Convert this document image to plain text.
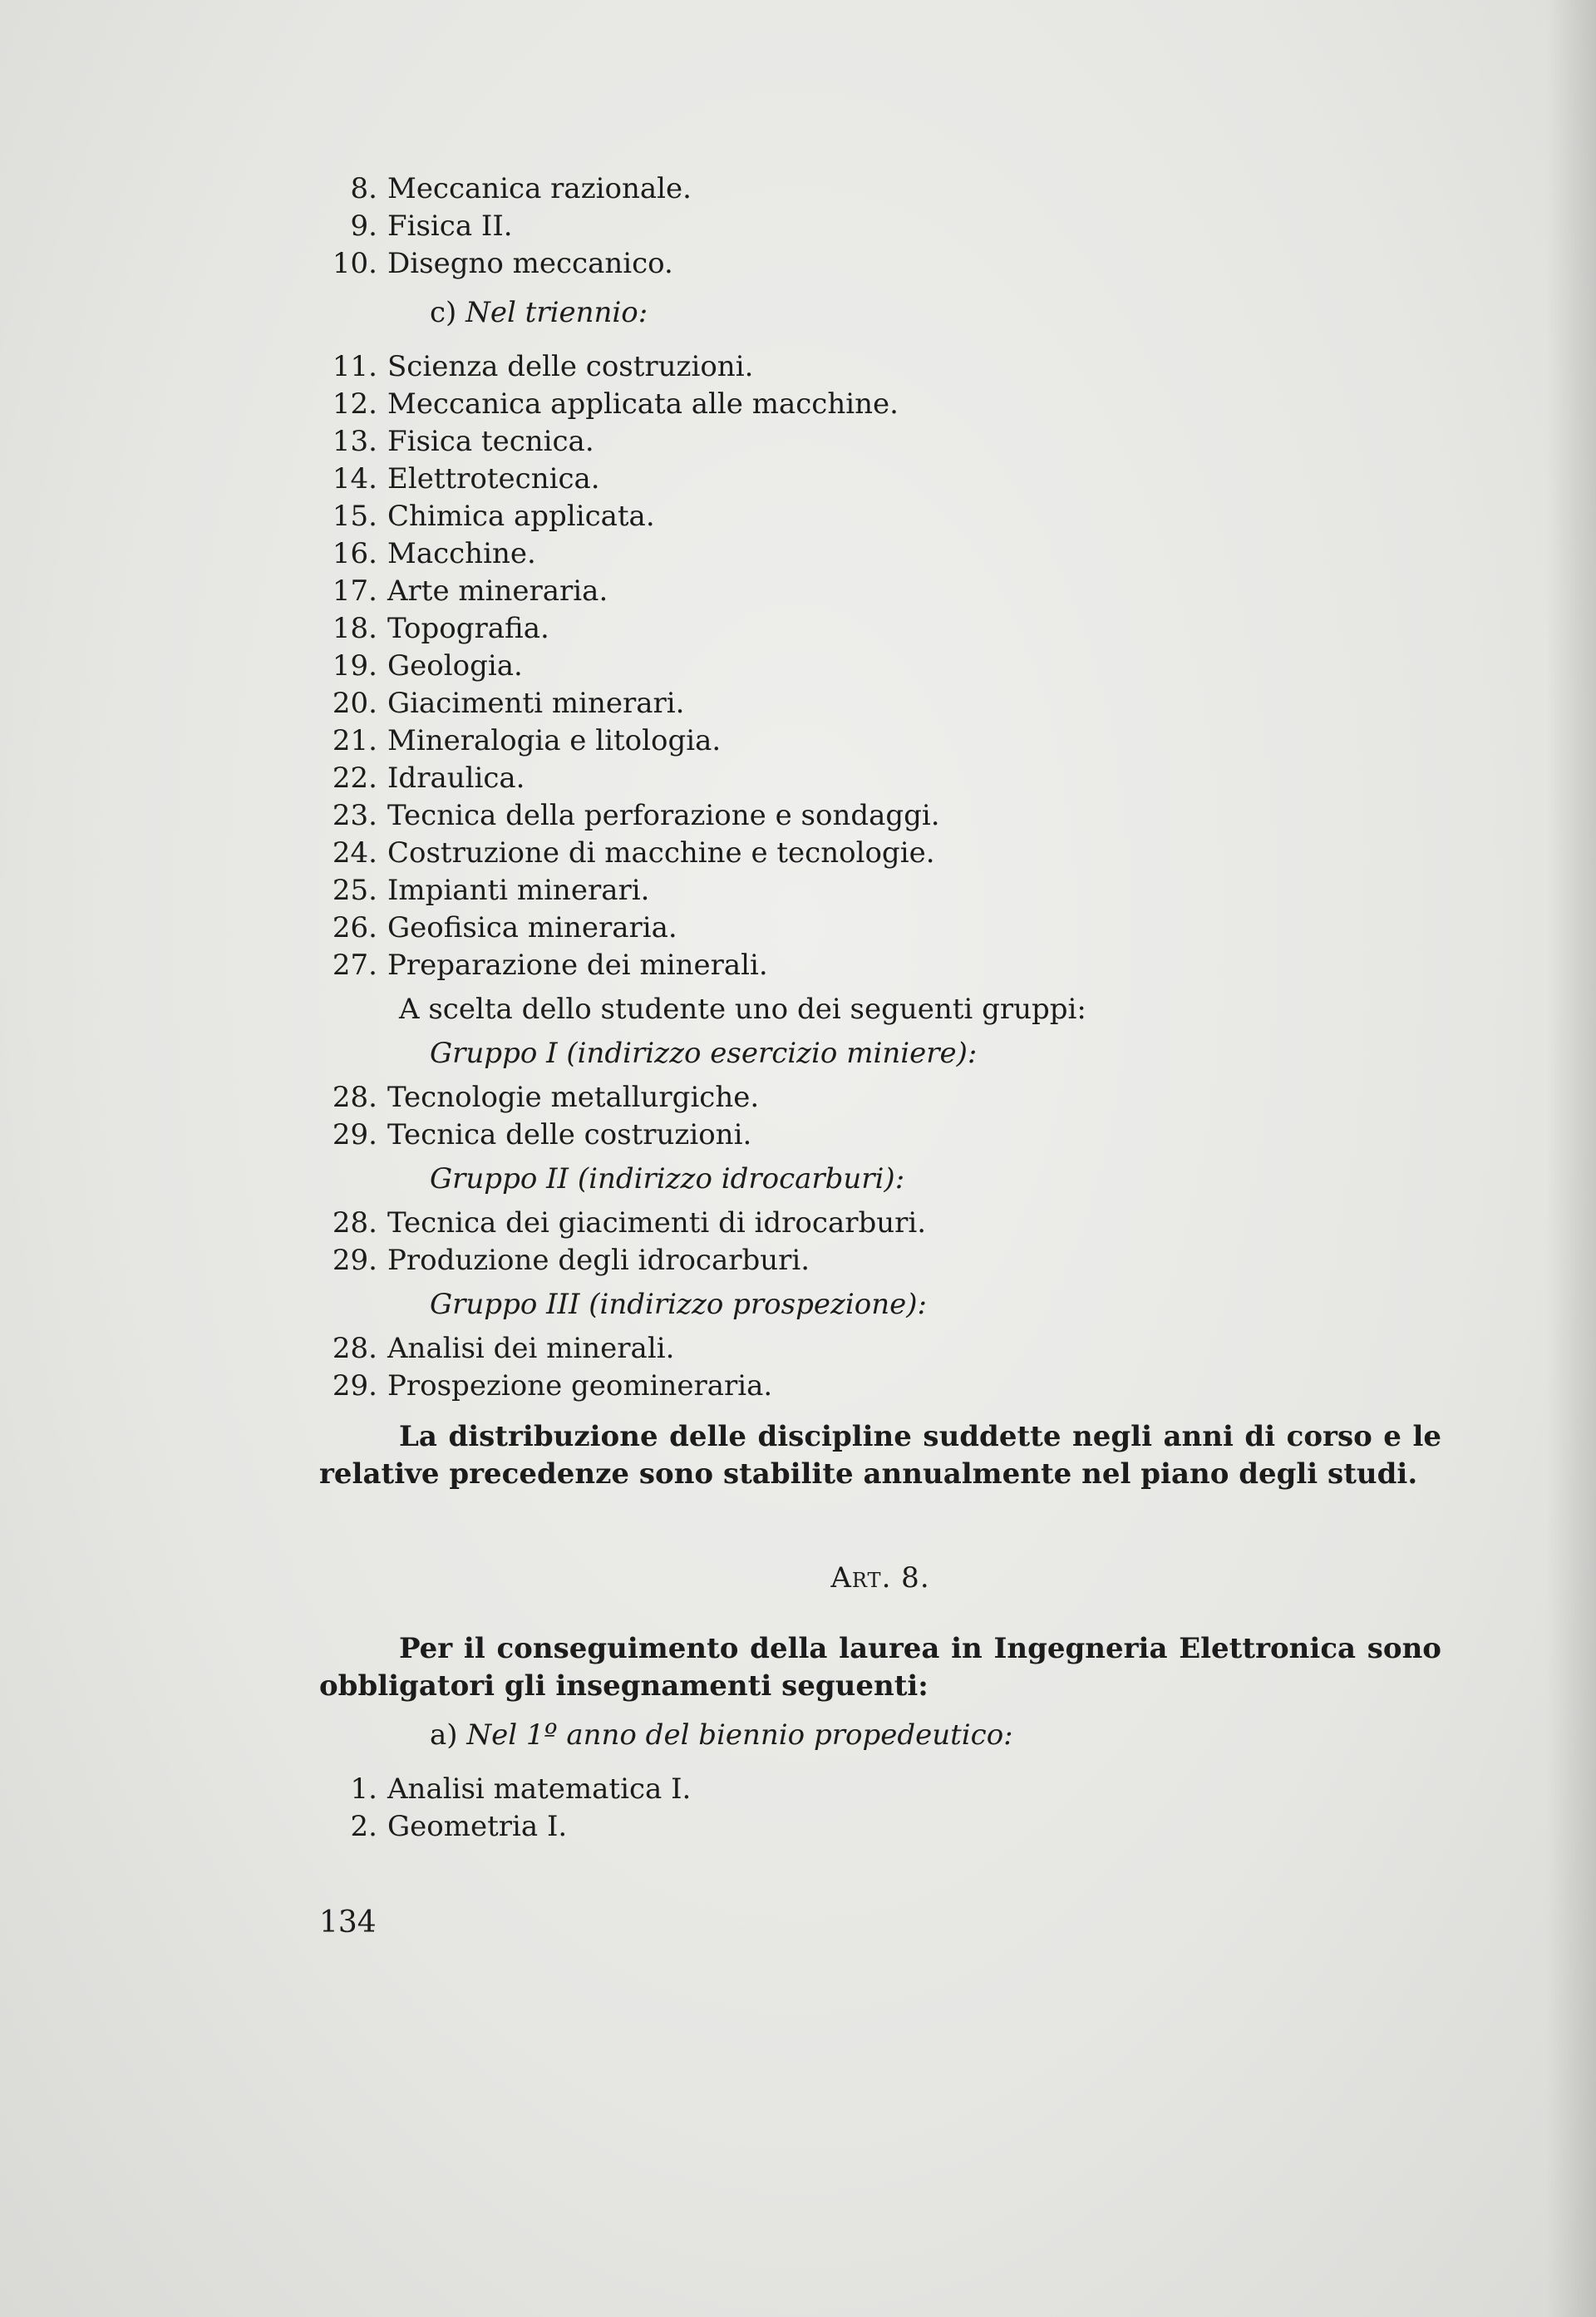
8. Meccanica razionale.
9. Fisica II.
10. Disegno meccanico.
c) Nel triennio:
11. Scienza delle costruzioni.
12. Meccanica applicata alle macchine.
13. Fisica tecnica.
14. Elettrotecnica.
15. Chimica applicata.
16. Macchine.
17. Arte mineraria.
18. Topografia.
19. Geologia.
20. Giacimenti minerari.
21. Mineralogia e litologia.
22. Idraulica.
23. Tecnica della perforazione e sondaggi.
24. Costruzione di macchine e tecnologie.
25. Impianti minerari.
26. Geofisica mineraria.
27. Preparazione dei minerali.
A scelta dello studente uno dei seguenti gruppi:
Gruppo I (indirizzo esercizio miniere):
28. Tecnologie metallurgiche.
29. Tecnica delle costruzioni.
Gruppo II (indirizzo idrocarburi):
28. Tecnica dei giacimenti di idrocarburi.
29. Produzione degli idrocarburi.
Gruppo III (indirizzo prospezione):
28. Analisi dei minerali.
29. Prospezione geomineraria.

La distribuzione delle discipline suddette negli anni di corso e le relative precedenze sono stabilite annualmente nel piano degli studi.

Art. 8.

Per il conseguimento della laurea in Ingegneria Elettronica sono obbligatori gli insegnamenti seguenti:

a) Nel 1º anno del biennio propedeutico:
1. Analisi matematica I.
2. Geometria I.
134
